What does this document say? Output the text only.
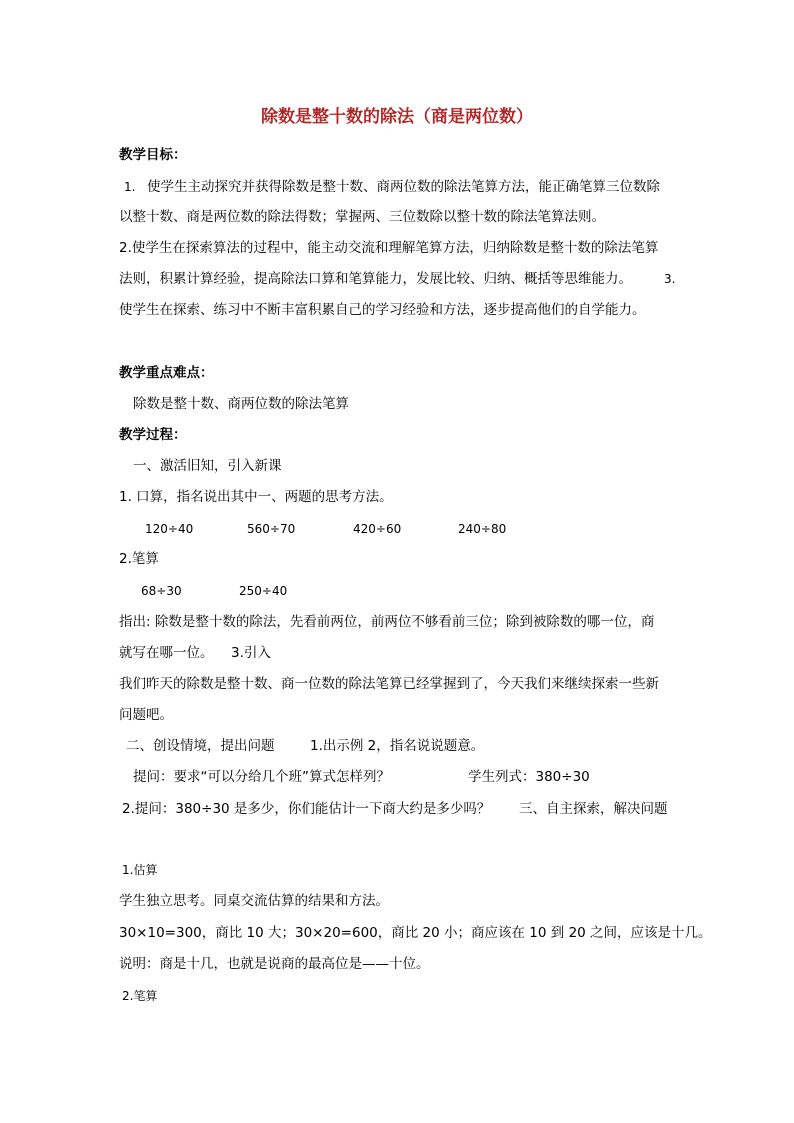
除数是整十数的除法（商是两位数）
教学目标：
1. 使学生主动探究并获得除数是整十数、商两位数的除法笔算方法，能正确笔算三位数除
以整十数、商是两位数的除法得数；掌握两、三位数除以整十数的除法笔算法则。
2.使学生在探索算法的过程中，能主动交流和理解笔算方法，归纳除数是整十数的除法笔算
法则，积累计算经验，提高除法口算和笔算能力，发展比较、归纳、概括等思维能力。	3.
使学生在探索、练习中不断丰富积累自己的学习经验和方法，逐步提高他们的自学能力。
教学重点难点：
除数是整十数、商两位数的除法笔算
教学过程：
一、激活旧知，引入新课
1. 口算，指名说出其中一、两题的思考方法。
120÷40	560÷70	420÷60	240÷80
2.笔算
68÷30	250÷40
指出: 除数是整十数的除法，先看前两位，前两位不够看前三位；除到被除数的哪一位，商
就写在哪一位。 3.引入
我们昨天的除数是整十数、商一位数的除法笔算已经掌握到了，今天我们来继续探索一些新
问题吧。
二、创设情境，提出问题	1.出示例 2，指名说说题意。
提问：要求“可以分给几个班”算式怎样列？	学生列式：380÷30
2.提问：380÷30 是多少，你们能估计一下商大约是多少吗？ 三、自主探索，解决问题
1.估算
学生独立思考。同桌交流估算的结果和方法。
30×10=300，商比 10 大；30×20=600，商比 20 小；商应该在 10 到 20 之间，应该是十几。
说明：商是十几，也就是说商的最高位是——十位。
2.笔算
